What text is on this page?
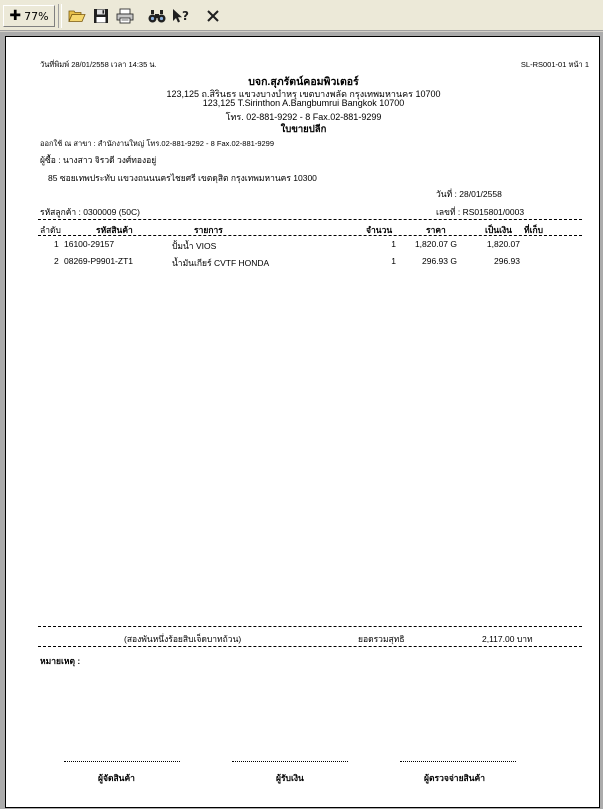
✚ 77%	?
วันที่พิมพ์ 28/01/2558 เวลา 14:35 น.	SL-RS001-01 หน้า 1
บจก.สุภรัตน์คอมพิวเตอร์
123,125 ถ.สิรินธร แขวงบางบำหรุ เขตบางพลัด กรุงเทพมหานคร 10700
123,125 T.Sirinthon A.Bangbumrui Bangkok 10700
โทร. 02-881-9292 - 8 Fax.02-881-9299
ใบขายปลีก
ออกใช้ ณ สาขา : สำนักงานใหญ่ โทร.02-881-9292 - 8 Fax.02-881-9299
ผู้ซื้อ : นางสาว จิรวดี วงศ์ทองอยู่
85 ซอยเทพประทับ แขวงถนนนครไชยศรี เขตดุสิต กรุงเทพมหานคร 10300
วันที่ : 28/01/2558
รหัสลูกค้า : 0300009 (50C)	เลขที่ : RS015801/0003
ลำดับ	รหัสสินค้า	รายการ	จำนวน	ราคา	เป็นเงิน ที่เก็บ
1 16100-29157	ปั้มน้ำ VIOS	1	1,820.07 G	1,820.07
2 08269-P9901-ZT1	น้ำมันเกียร์ CVTF HONDA	1	296.93 G	296.93
(สองพันหนึ่งร้อยสิบเจ็ดบาทถ้วน)	ยอดรวมสุทธิ	2,117.00 บาท
หมายเหตุ :
ผู้จัดสินค้า	ผู้รับเงิน	ผู้ตรวจจ่ายสินค้า
